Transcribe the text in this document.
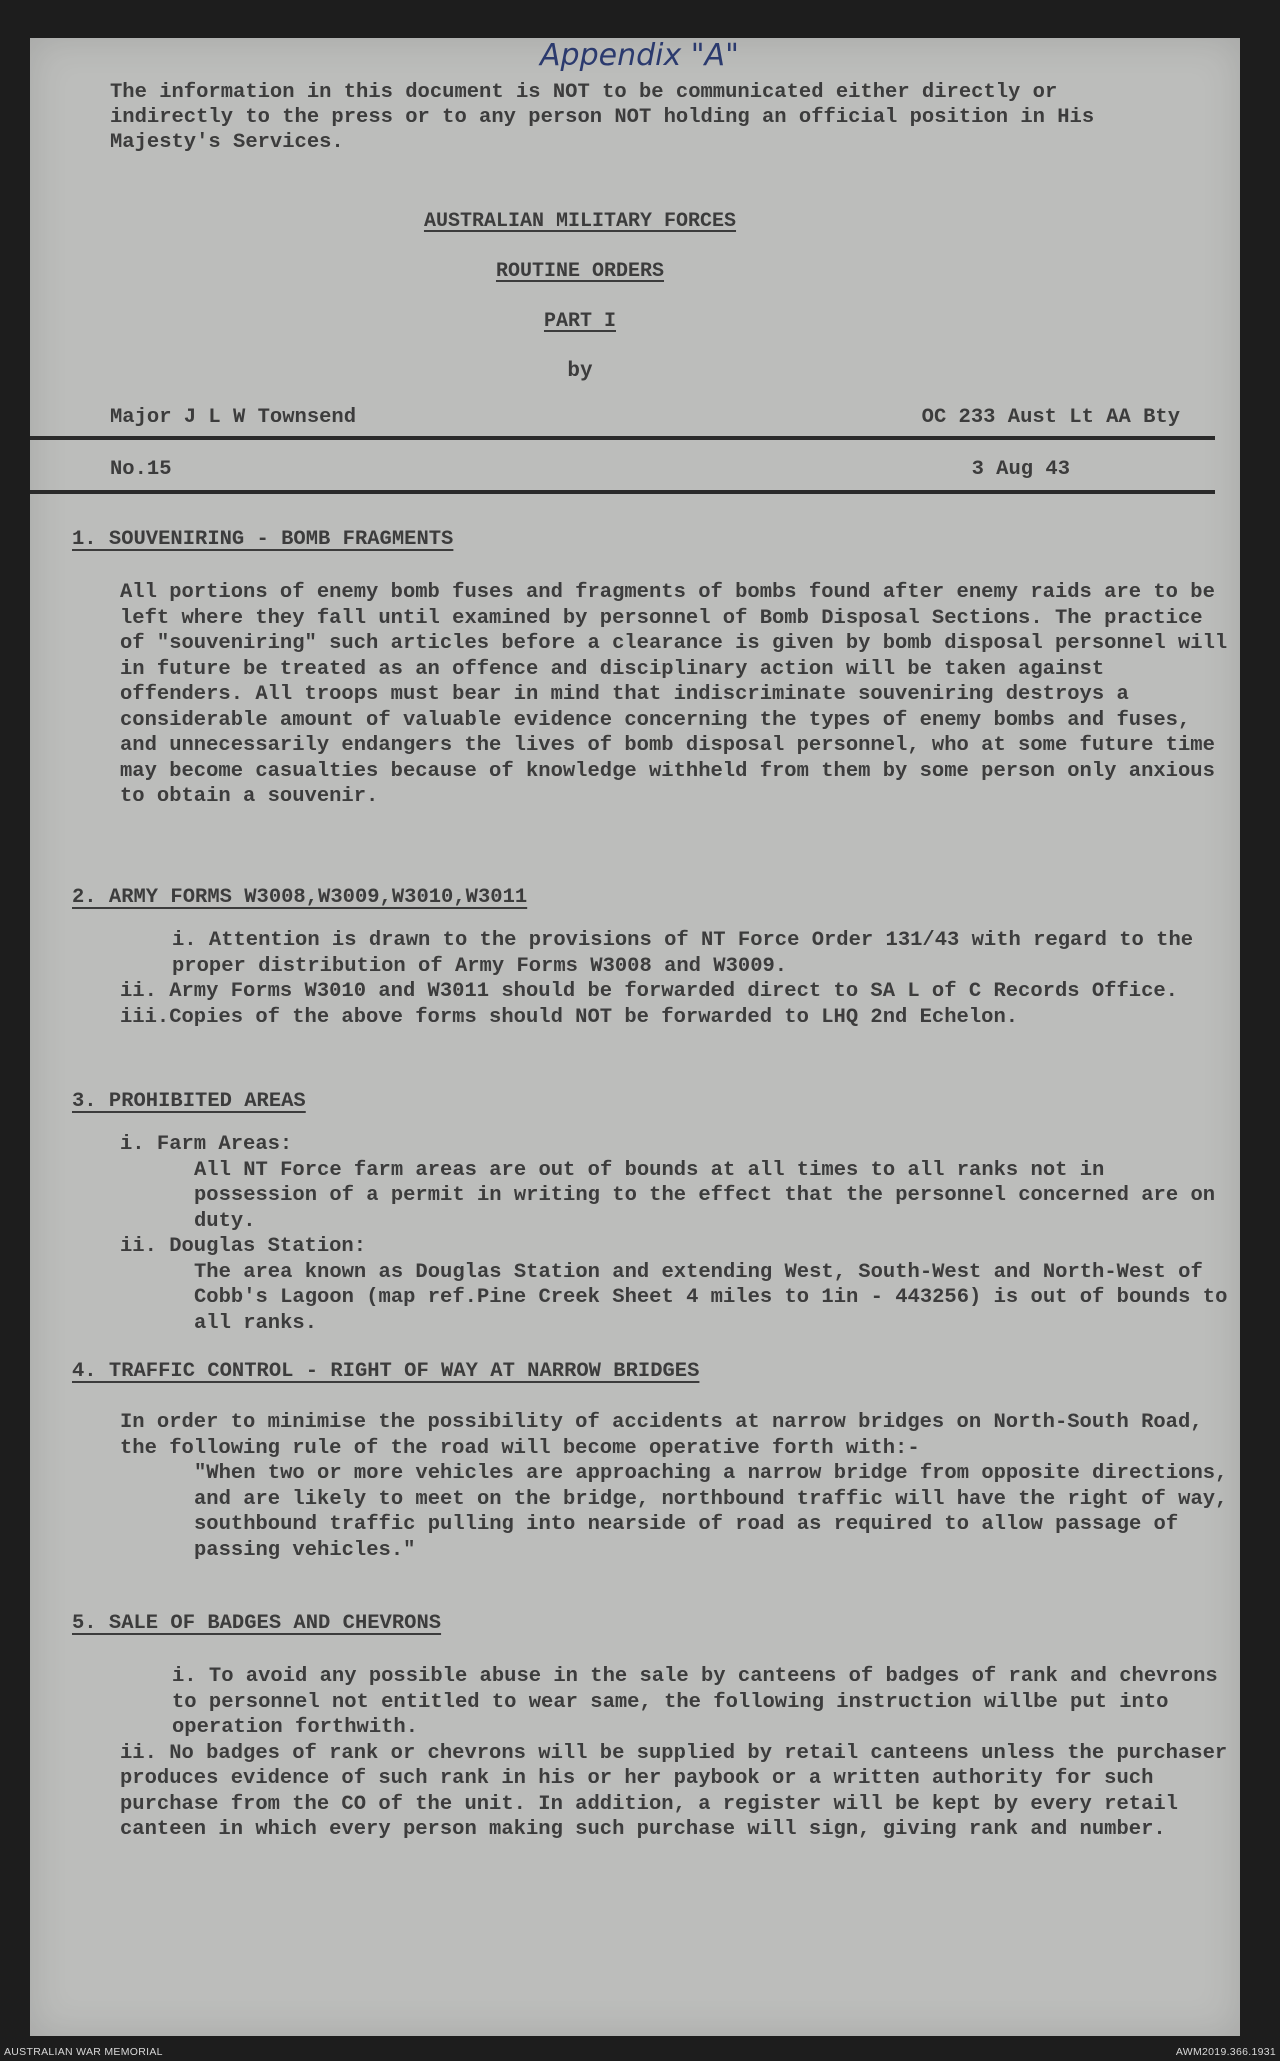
Appendix "A"
The information in this document is NOT to be communicated either directly or indirectly to the press or to any person NOT holding an official position in His Majesty's Services.
AUSTRALIAN MILITARY FORCES
ROUTINE ORDERS
PART I
by
Major J L W Townsend	OC 233 Aust Lt AA Bty
No.15	3 Aug 43
1. SOUVENIRING - BOMB FRAGMENTS

All portions of enemy bomb fuses and fragments of bombs found after enemy raids are to be left where they fall until examined by personnel of Bomb Disposal Sections. The practice of "souveniring" such articles before a clearance is given by bomb disposal personnel will in future be treated as an offence and disciplinary action will be taken against offenders. All troops must bear in mind that indiscriminate souveniring destroys a considerable amount of valuable evidence concerning the types of enemy bombs and fuses, and unnecessarily endangers the lives of bomb disposal personnel, who at some future time may become casualties because of knowledge withheld from them by some person only anxious to obtain a souvenir.

2. ARMY FORMS W3008,W3009,W3010,W3011

i. Attention is drawn to the provisions of NT Force Order 131/43 with regard to the proper distribution of Army Forms W3008 and W3009.

ii. Army Forms W3010 and W3011 should be forwarded direct to SA L of C Records Office.

iii.Copies of the above forms should NOT be forwarded to LHQ 2nd Echelon.

3. PROHIBITED AREAS

i. Farm Areas:

All NT Force farm areas are out of bounds at all times to all ranks not in possession of a permit in writing to the effect that the personnel concerned are on duty.

ii. Douglas Station:

The area known as Douglas Station and extending West, South-West and North-West of Cobb's Lagoon (map ref.Pine Creek Sheet 4 miles to 1in - 443256) is out of bounds to all ranks.

4. TRAFFIC CONTROL - RIGHT OF WAY AT NARROW BRIDGES

In order to minimise the possibility of accidents at narrow bridges on North-South Road, the following rule of the road will become operative forth with:-

"When two or more vehicles are approaching a narrow bridge from opposite directions, and are likely to meet on the bridge, northbound traffic will have the right of way, southbound traffic pulling into nearside of road as required to allow passage of passing vehicles."

5. SALE OF BADGES AND CHEVRONS

i. To avoid any possible abuse in the sale by canteens of badges of rank and chevrons to personnel not entitled to wear same, the following instruction willbe put into operation forthwith.

ii. No badges of rank or chevrons will be supplied by retail canteens unless the purchaser produces evidence of such rank in his or her paybook or a written authority for such purchase from the CO of the unit. In addition, a register will be kept by every retail canteen in which every person making such purchase will sign, giving rank and number.

AUSTRALIAN WAR MEMORIAL	AWM2019.366.1931
